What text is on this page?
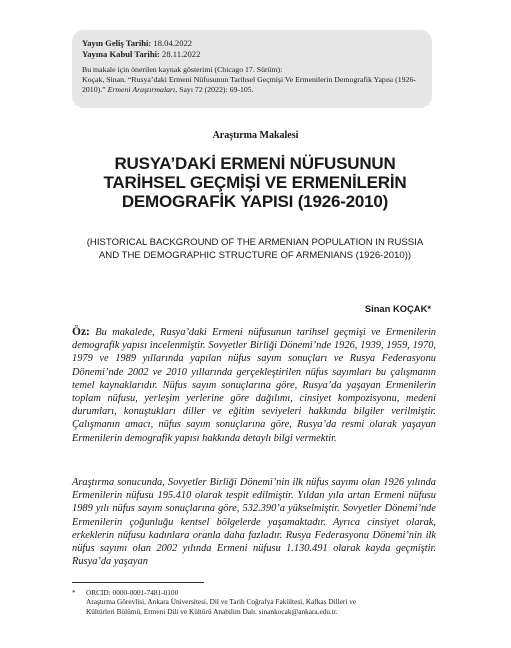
Yayın Geliş Tarihi: 18.04.2022
Yayına Kabul Tarihi: 28.11.2022
Bu makale için önerilen kaynak gösterimi (Chicago 17. Sürüm):
Koçak, Sinan. “Rusya’daki Ermeni Nüfusunun Tarihsel Geçmişi Ve Ermenilerin Demografik Yapısı (1926-2010).” Ermeni Araştırmaları, Sayı 72 (2022): 69-105.
Araştırma Makalesi
RUSYA’DAKİ ERMENİ NÜFUSUNUN
TARİHSEL GEÇMİŞİ VE ERMENİLERİN
DEMOGRAFİK YAPISI (1926-2010)
(HISTORICAL BACKGROUND OF THE ARMENIAN POPULATION IN RUSSIA
AND THE DEMOGRAPHIC STRUCTURE OF ARMENIANS (1926-2010))
Sinan KOÇAK*
Öz: Bu makalede, Rusya’daki Ermeni nüfusunun tarihsel geçmişi ve Ermenilerin demografik yapısı incelenmiştir. Sovyetler Birliği Dönemi’nde 1926, 1939, 1959, 1970, 1979 ve 1989 yıllarında yapılan nüfus sayım sonuçları ve Rusya Federasyonu Dönemi’nde 2002 ve 2010 yıllarında gerçekleştirilen nüfus sayımları bu çalışmanın temel kaynaklarıdır. Nüfus sayım sonuçlarına göre, Rusya’da yaşayan Ermenilerin toplam nüfusu, yerleşim yerlerine göre dağılımı, cinsiyet kompozisyonu, medeni durumları, konuştukları diller ve eğitim seviyeleri hakkında bilgiler verilmiştir. Çalışmanın amacı, nüfus sayım sonuçlarına göre, Rusya’da resmi olarak yaşayan Ermenilerin demografik yapısı hakkında detaylı bilgi vermektir.
Araştırma sonucunda, Sovyetler Birliği Dönemi’nin ilk nüfus sayımı olan 1926 yılında Ermenilerin nüfusu 195.410 olarak tespit edilmiştir. Yıldan yıla artan Ermeni nüfusu 1989 yılı nüfus sayım sonuçlarına göre, 532.390’a yükselmiştir. Sovyetler Dönemi’nde Ermenilerin çoğunluğu kentsel bölgelerde yaşamaktadır. Ayrıca cinsiyet olarak, erkeklerin nüfusu kadınlara oranla daha fazladır. Rusya Federasyonu Dönemi’nin ilk nüfus sayımı olan 2002 yılında Ermeni nüfusu 1.130.491 olarak kayda geçmiştir. Rusya’da yaşayan
* ORCID: 0000-0001-7481-0100
Araştırma Görevlisi, Ankara Üniversitesi, Dil ve Tarih Coğrafya Fakültesi, Kafkas Dilleri ve
Kültürleri Bölümü, Ermeni Dili ve Kültürü Anabilim Dalı. sinankocak@ankara.edu.tr.
